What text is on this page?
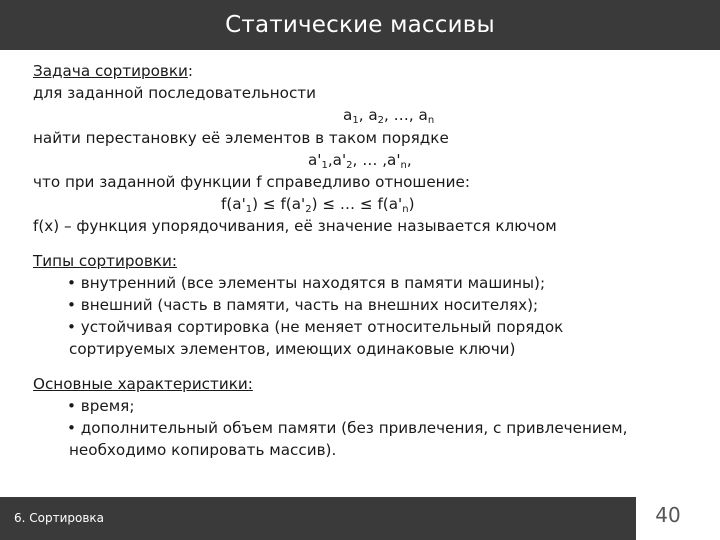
Статические массивы
Задача сортировки:
для заданной последовательности
$a_1$, $a_2$, …, $a_n$
найти перестановку её элементов в таком порядке
$a'_1,a'_2$, … $,a'_n$,
что при заданной функции f справедливо отношение:
$f(a'_1) \le f(a'_2)$ ≤ … ≤ $f(a'_n)$
f(x) – функция упорядочивания, её значение называется ключом
Типы сортировки:
• внутренний (все элементы находятся в памяти машины);
• внешний (часть в памяти, часть на внешних носителях);
• устойчивая сортировка (не меняет относительный порядок
сортируемых элементов, имеющих одинаковые ключи)
Основные характеристики:
• время;
• дополнительный объем памяти (без привлечения, с привлечением,
необходимо копировать массив).
6. Сортировка	40
